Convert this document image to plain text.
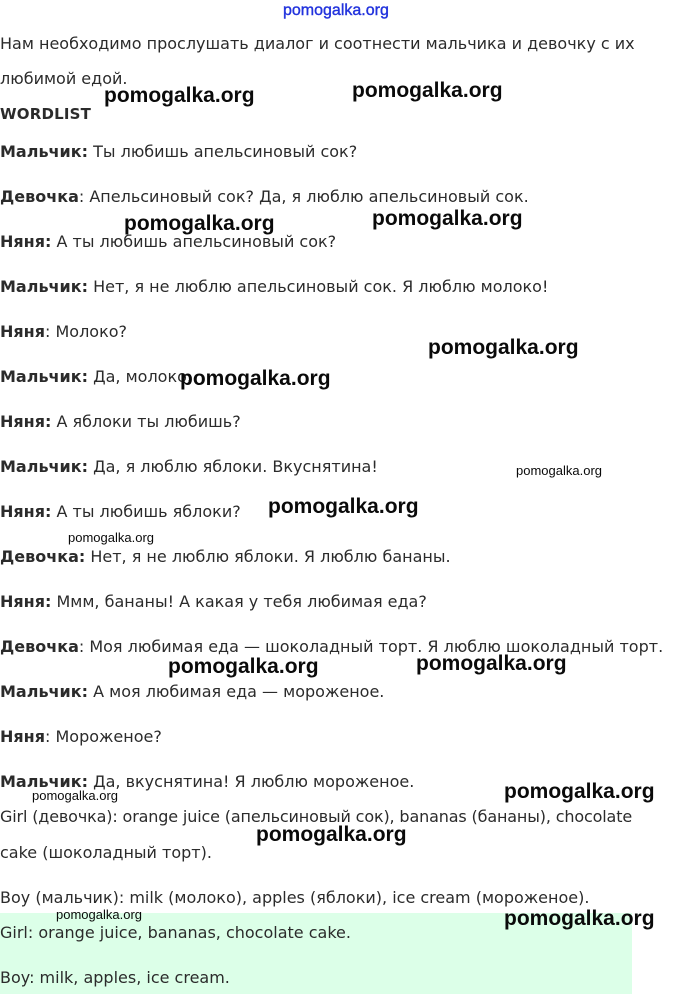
pomogalka.org
Нам необходимо прослушать диалог и соотнести мальчика и девочку с их
любимой едой.
WORDLIST
Мальчик: Ты любишь апельсиновый сок?
Девочка: Апельсиновый сок? Да, я люблю апельсиновый сок.
Няня: А ты любишь апельсиновый сок?
Мальчик: Нет, я не люблю апельсиновый сок. Я люблю молоко!
Няня: Молоко?
Мальчик: Да, молоко.
Няня: А яблоки ты любишь?
Мальчик: Да, я люблю яблоки. Вкуснятина!
Няня: А ты любишь яблоки?
Девочка: Нет, я не люблю яблоки. Я люблю бананы.
Няня: Ммм, бананы! А какая у тебя любимая еда?
Девочка: Моя любимая еда — шоколадный торт. Я люблю шоколадный торт.
Мальчик: А моя любимая еда — мороженое.
Няня: Мороженое?
Мальчик: Да, вкуснятина! Я люблю мороженое.
Girl (девочка): orange juice (апельсиновый сок), bananas (бананы), chocolate
cake (шоколадный торт).
Boy (мальчик): milk (молоко), apples (яблоки), ice cream (мороженое).
Girl: orange juice, bananas, chocolate cake.
Boy: milk, apples, ice cream.
pomogalka.org	pomogalka.org
pomogalka.org	pomogalka.org
pomogalka.org
pomogalka.org
pomogalka.org
pomogalka.org
pomogalka.org
pomogalka.org
pomogalka.org
pomogalka.org
pomogalka.org
pomogalka.org
pomogalka.org	pomogalka.org
